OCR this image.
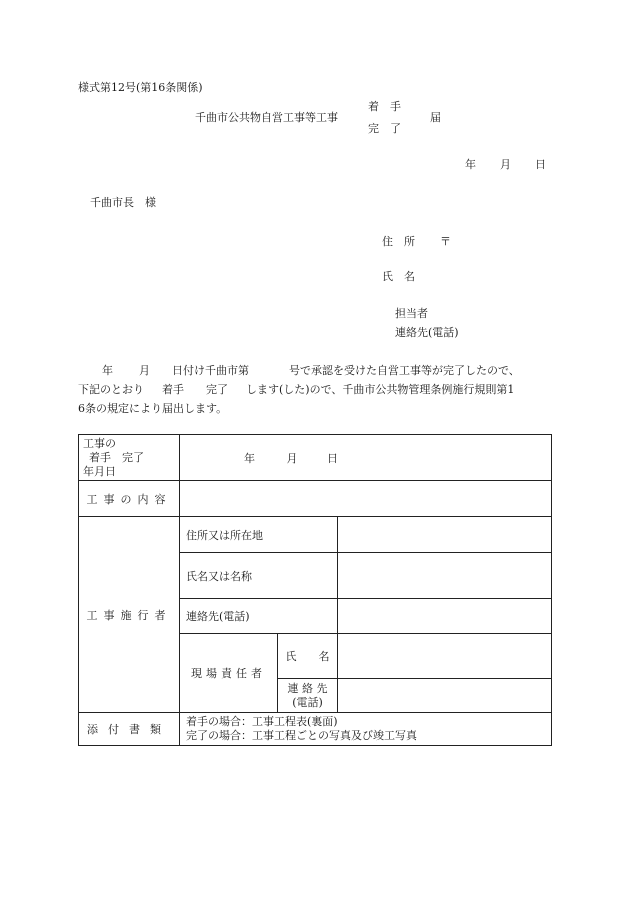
様式第12号(第16条関係)
千曲市公共物自営工事等工事
着　手
完　了
届
年 月 日
千曲市長　様
住　所 〒
氏　名
担当者
連絡先(電話)
年 月 日付け千曲市第	号で承認を受けた自営工事等が完了したので、
下記のとおり 着手 完了 します(した)ので、千曲市公共物管理条例施行規則第1
6条の規定により届出します。
工事の
着手　完了
年月日	年 月 日		
工事の内容			
工事施行者	住所又は所在地		
	氏名又は名称		
	連絡先(電話)		
	現場責任者	氏　　名	

		連 絡 先
(電話)	

添付書類	着手の場合：工事工程表(裏面)
完了の場合：工事工程ごとの写真及び竣工写真		
